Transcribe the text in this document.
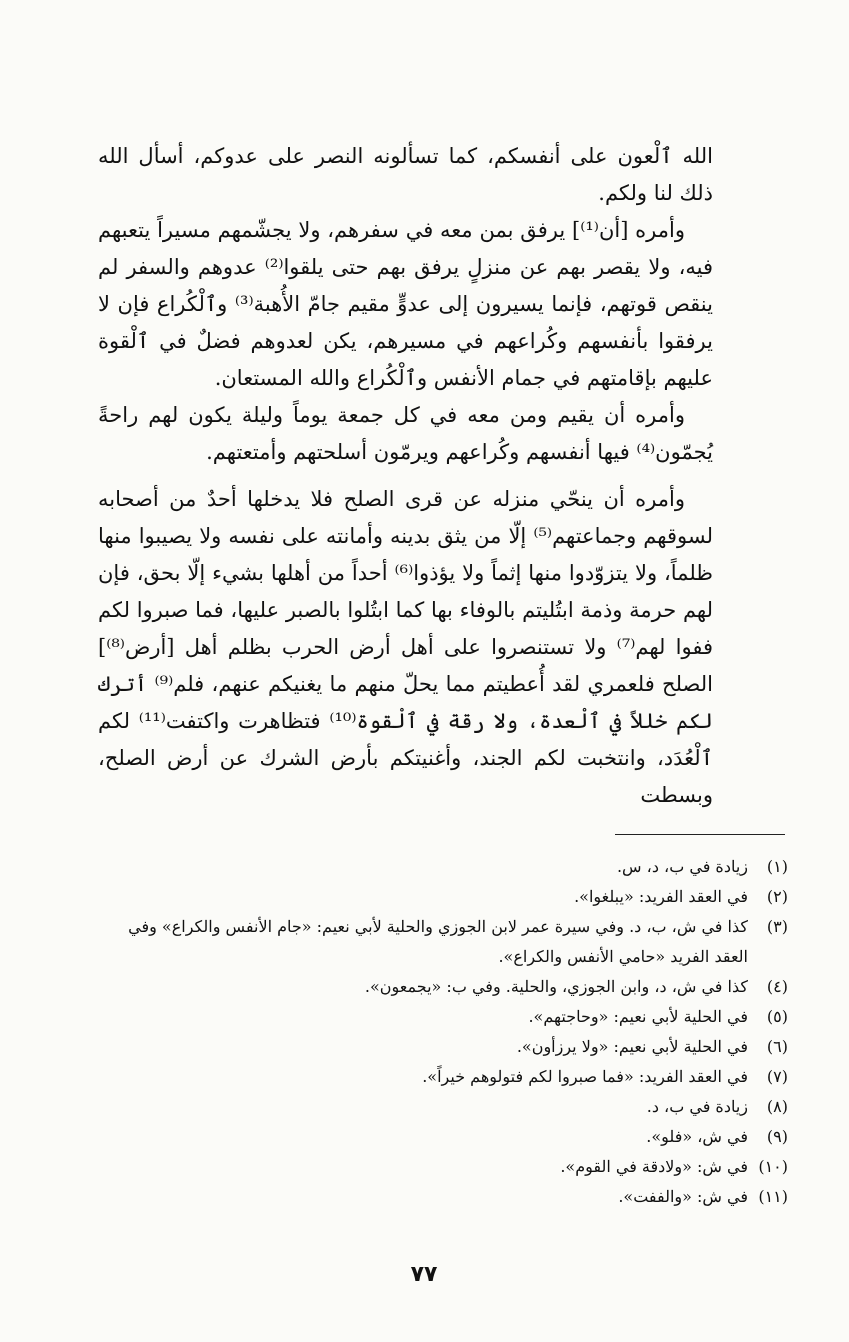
الله ٱلْعون على أنفسكم، كما تسألونه النصر على عدوكم، أسأل الله ذلك لنا ولكم.

وأمره [أن⁽¹⁾] يرفق بمن معه في سفرهم، ولا يجشّمهم مسيراً يتعبهم فيه، ولا يقصر بهم عن منزلٍ يرفق بهم حتى يلقوا⁽²⁾ عدوهم والسفر لم ينقص قوتهم، فإنما يسيرون إلى عدوٍّ مقيم جامّ الأُهبة⁽³⁾ وٱلْكُراع فإن لا يرفقوا بأنفسهم وكُراعهم في مسيرهم، يكن لعدوهم فضلٌ في ٱلْقوة عليهم بإقامتهم في جمام الأنفس وٱلْكُراع والله المستعان.

وأمره أن يقيم ومن معه في كل جمعة يوماً وليلة يكون لهم راحةً يُجمّون⁽⁴⁾ فيها أنفسهم وكُراعهم ويرمّون أسلحتهم وأمتعتهم.

وأمره أن ينحّي منزله عن قرى الصلح فلا يدخلها أحدٌ من أصحابه لسوقهم وجماعتهم⁽⁵⁾ إلّا من يثق بدينه وأمانته على نفسه ولا يصيبوا منها ظلماً، ولا يتزوّدوا منها إثماً ولا يؤذوا⁽⁶⁾ أحداً من أهلها بشيء إلّا بحق، فإن لهم حرمة وذمة ابتُليتم بالوفاء بها كما ابتُلوا بالصبر عليها، فما صبروا لكم ففوا لهم⁽⁷⁾ ولا تستنصروا على أهل أرض الحرب بظلم أهل [أرض⁽⁸⁾] الصلح فلعمري لقد أُعطيتم مما يحلّ منهم ما يغنيكم عنهم، فلم⁽⁹⁾ أترك لكم خللاً في ٱلْعدة، ولا رقة في ٱلْقوة⁽¹⁰⁾ فتظاهرت واكتفت⁽¹¹⁾ لكم ٱلْعُدَد، وانتخبت لكم الجند، وأغنيتكم بأرض الشرك عن أرض الصلح، وبسطت

(١)
زيادة في ب، د، س.
(٢)
في العقد الفريد: «يبلغوا».
(٣)
كذا في ش، ب، د. وفي سيرة عمر لابن الجوزي والحلية لأبي نعيم: «جام الأنفس والكراع» وفي العقد الفريد «حامي الأنفس والكراع».
(٤)
كذا في ش، د، وابن الجوزي، والحلية. وفي ب: «يجمعون».
(٥)
في الحلية لأبي نعيم: «وحاجتهم».
(٦)
في الحلية لأبي نعيم: «ولا يرزأون».
(٧)
في العقد الفريد: «فما صبروا لكم فتولوهم خيراً».
(٨)
زيادة في ب، د.
(٩)
في ش، «فلو».
(١٠)
في ش: «ولادقة في القوم».
(١١)
في ش: «والففت».
٧٧
